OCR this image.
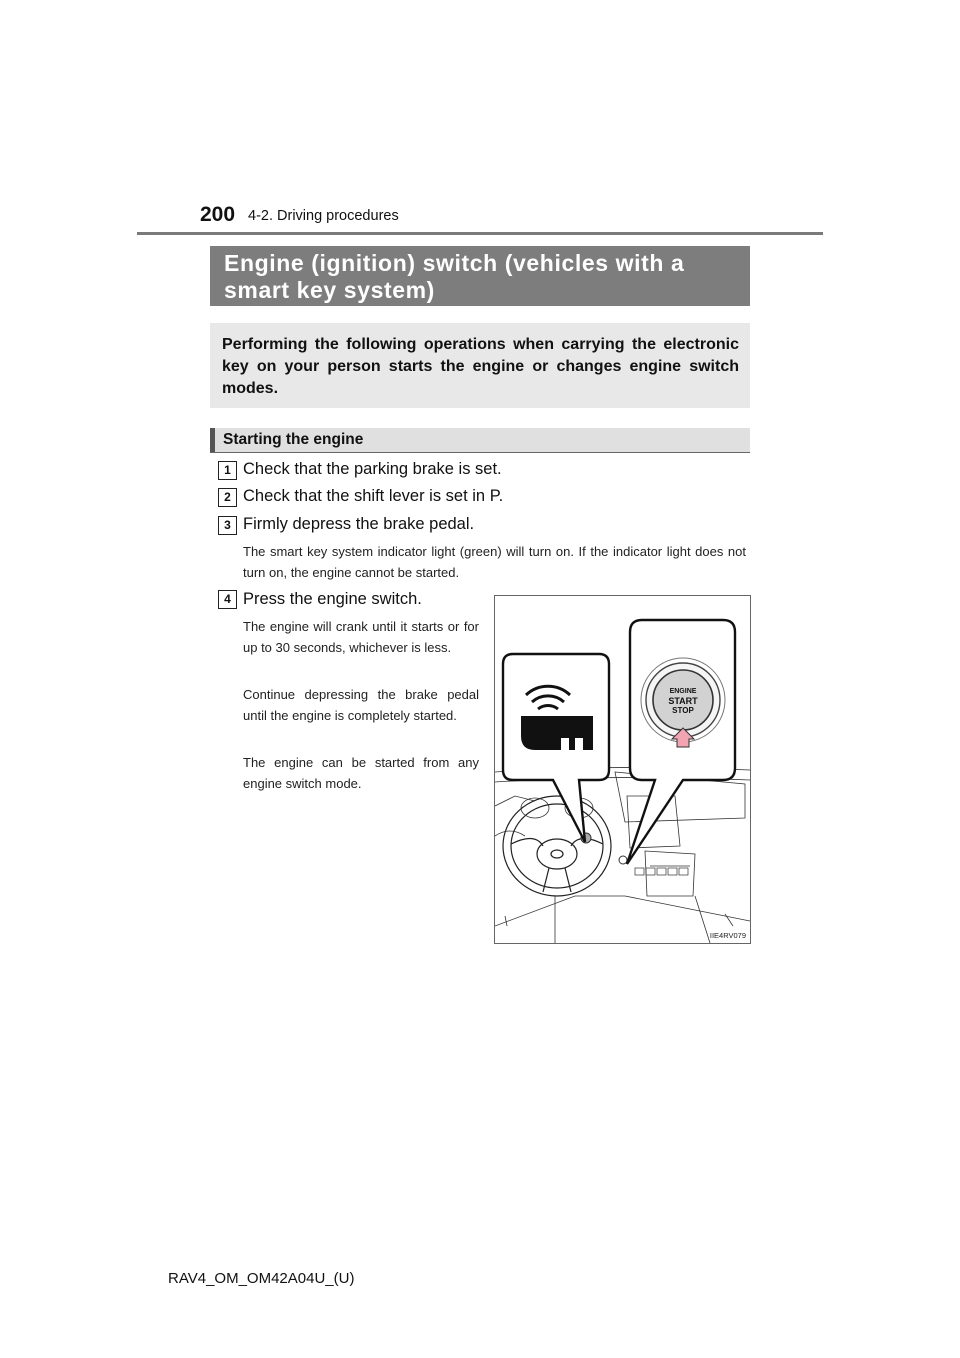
200 4-2. Driving procedures
Engine (ignition) switch (vehicles with a smart key system)
Performing the following operations when carrying the electronic key on your person starts the engine or changes engine switch modes.
Starting the engine
1 Check that the parking brake is set.
2 Check that the shift lever is set in P.
3 Firmly depress the brake pedal.
The smart key system indicator light (green) will turn on. If the indicator light does not turn on, the engine cannot be started.
4 Press the engine switch.
The engine will crank until it starts or for up to 30 seconds, whichever is less.
Continue depressing the brake pedal until the engine is completely started.
The engine can be started from any engine switch mode.
ENGINE
START
STOP
IIE4RV079
RAV4_OM_OM42A04U_(U)
